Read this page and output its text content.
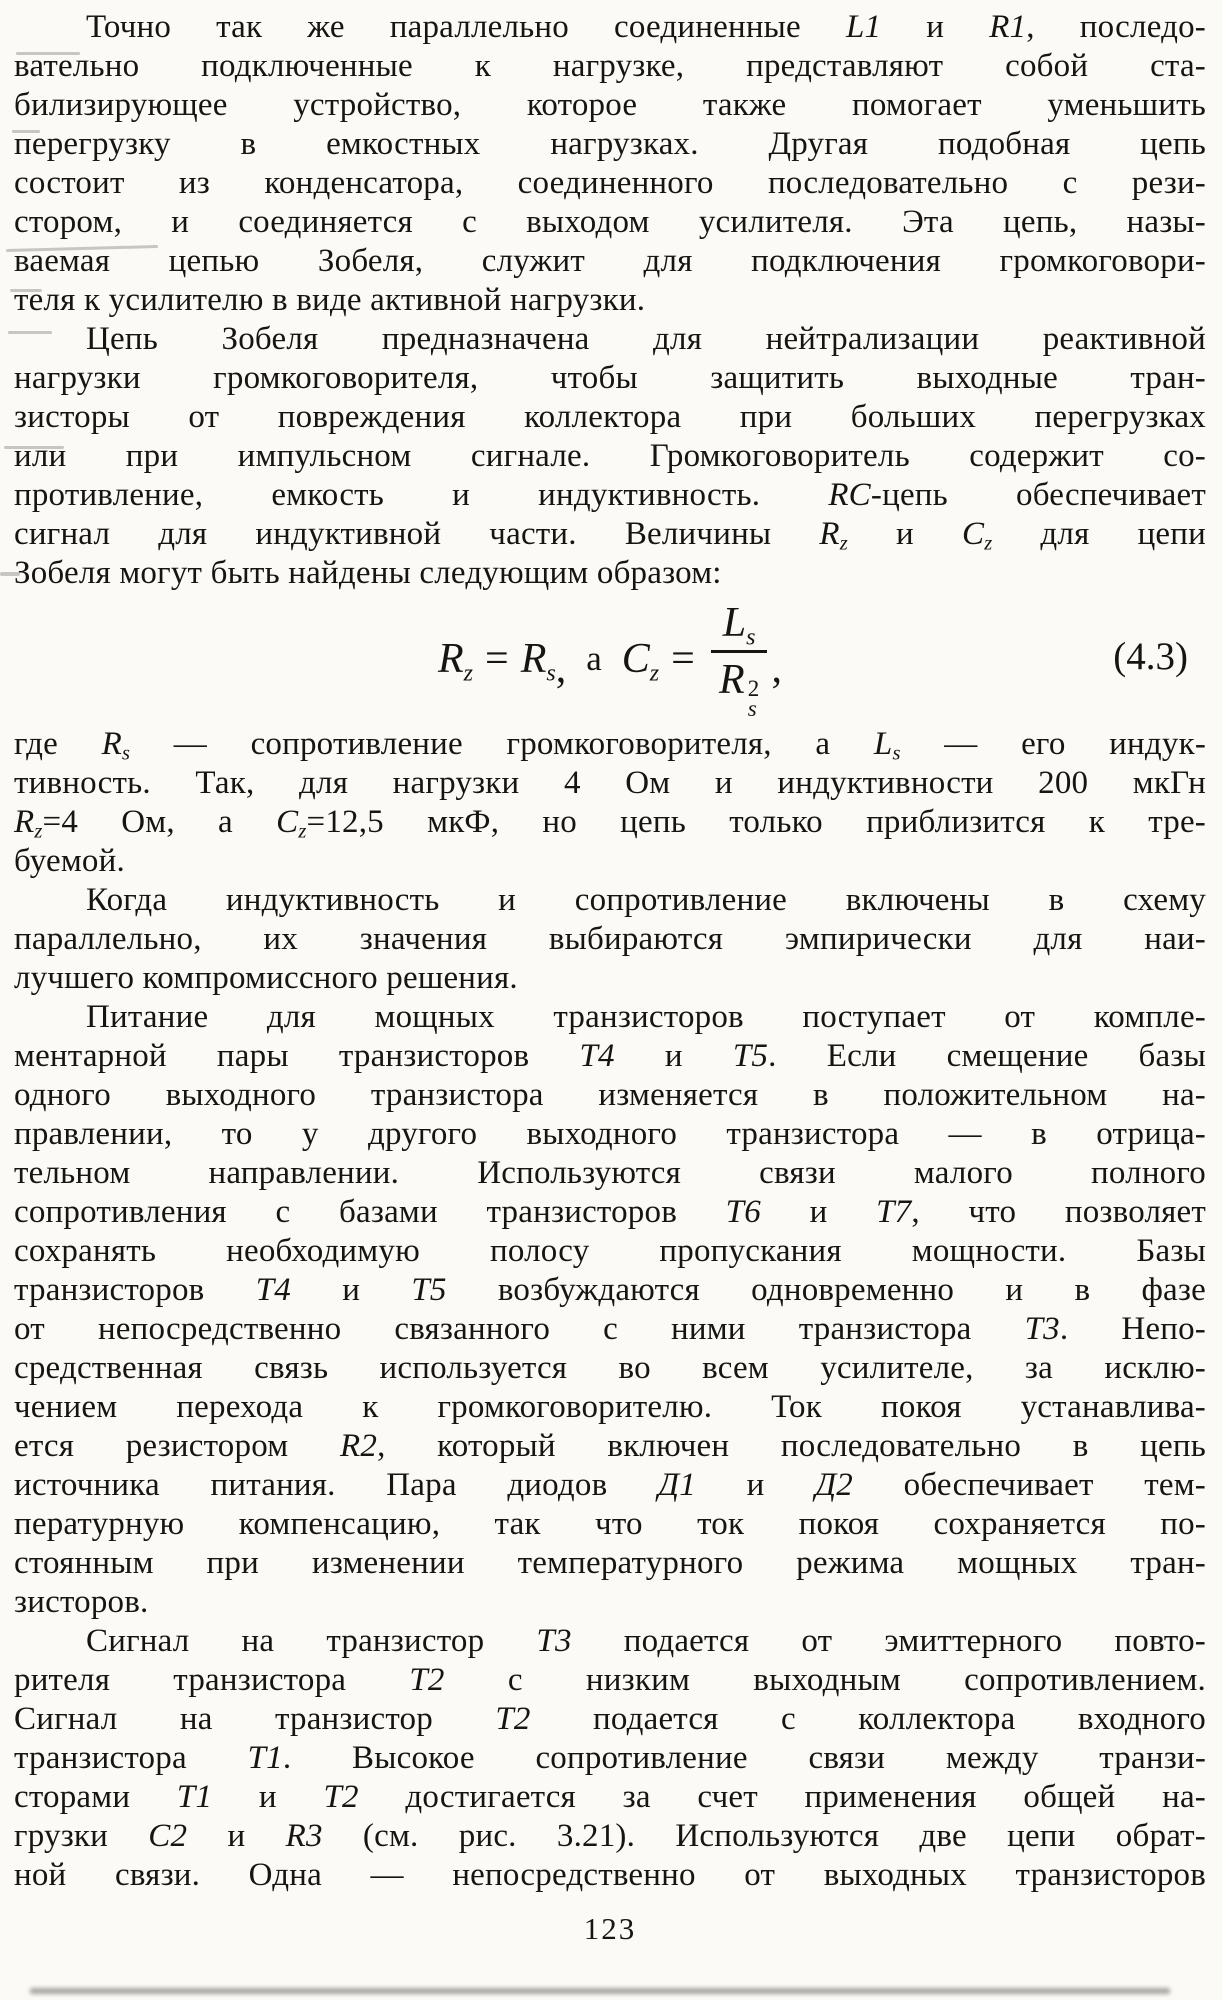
Точно так же параллельно соединенные L1 и R1, последо-
вательно подключенные к нагрузке, представляют собой ста-
билизирующее устройство, которое также помогает уменьшить
перегрузку в емкостных нагрузках. Другая подобная цепь
состоит из конденсатора, соединенного последовательно с рези-
стором, и соединяется с выходом усилителя. Эта цепь, назы-
ваемая цепью Зобеля, служит для подключения громкоговори-
теля к усилителю в виде активной нагрузки.
Цепь Зобеля предназначена для нейтрализации реактивной
нагрузки громкоговорителя, чтобы защитить выходные тран-
зисторы от повреждения коллектора при больших перегрузках
или при импульсном сигнале. Громкоговоритель содержит со-
противление, емкость и индуктивность. RC-цепь обеспечивает
сигнал для индуктивной части. Величины $R_z$ и $C_z$ для цепи
Зобеля могут быть найдены следующим образом:
$R_z = R_s$ , а $C_z = L_s$
R 2
s ,	(4.3)
где $R_s$ — сопротивление громкоговорителя, а $L_s$ — его индук-
тивность. Так, для нагрузки 4 Ом и индуктивности 200 мкГн
$R_z=4$ Ом, а $C_z=12,5$ мкФ, но цепь только приблизится к тре-
буемой.
Когда индуктивность и сопротивление включены в схему
параллельно, их значения выбираются эмпирически для наи-
лучшего компромиссного решения.
Питание для мощных транзисторов поступает от компле-
ментарной пары транзисторов Т4 и Т5. Если смещение базы
одного выходного транзистора изменяется в положительном на-
правлении, то у другого выходного транзистора — в отрица-
тельном направлении. Используются связи малого полного
сопротивления с базами транзисторов Т6 и Т7, что позволяет
сохранять необходимую полосу пропускания мощности. Базы
транзисторов Т4 и Т5 возбуждаются одновременно и в фазе
от непосредственно связанного с ними транзистора Т3. Непо-
средственная связь используется во всем усилителе, за исклю-
чением перехода к громкоговорителю. Ток покоя устанавлива-
ется резистором R2, который включен последовательно в цепь
источника питания. Пара диодов Д1 и Д2 обеспечивает тем-
пературную компенсацию, так что ток покоя сохраняется по-
стоянным при изменении температурного режима мощных тран-
зисторов.
Сигнал на транзистор Т3 подается от эмиттерного повто-
рителя транзистора Т2 с низким выходным сопротивлением.
Сигнал на транзистор Т2 подается с коллектора входного
транзистора Т1. Высокое сопротивление связи между транзи-
сторами Т1 и Т2 достигается за счет применения общей на-
грузки C2 и R3 (см. рис. 3.21). Используются две цепи обрат-
ной связи. Одна — непосредственно от выходных транзисторов
123
